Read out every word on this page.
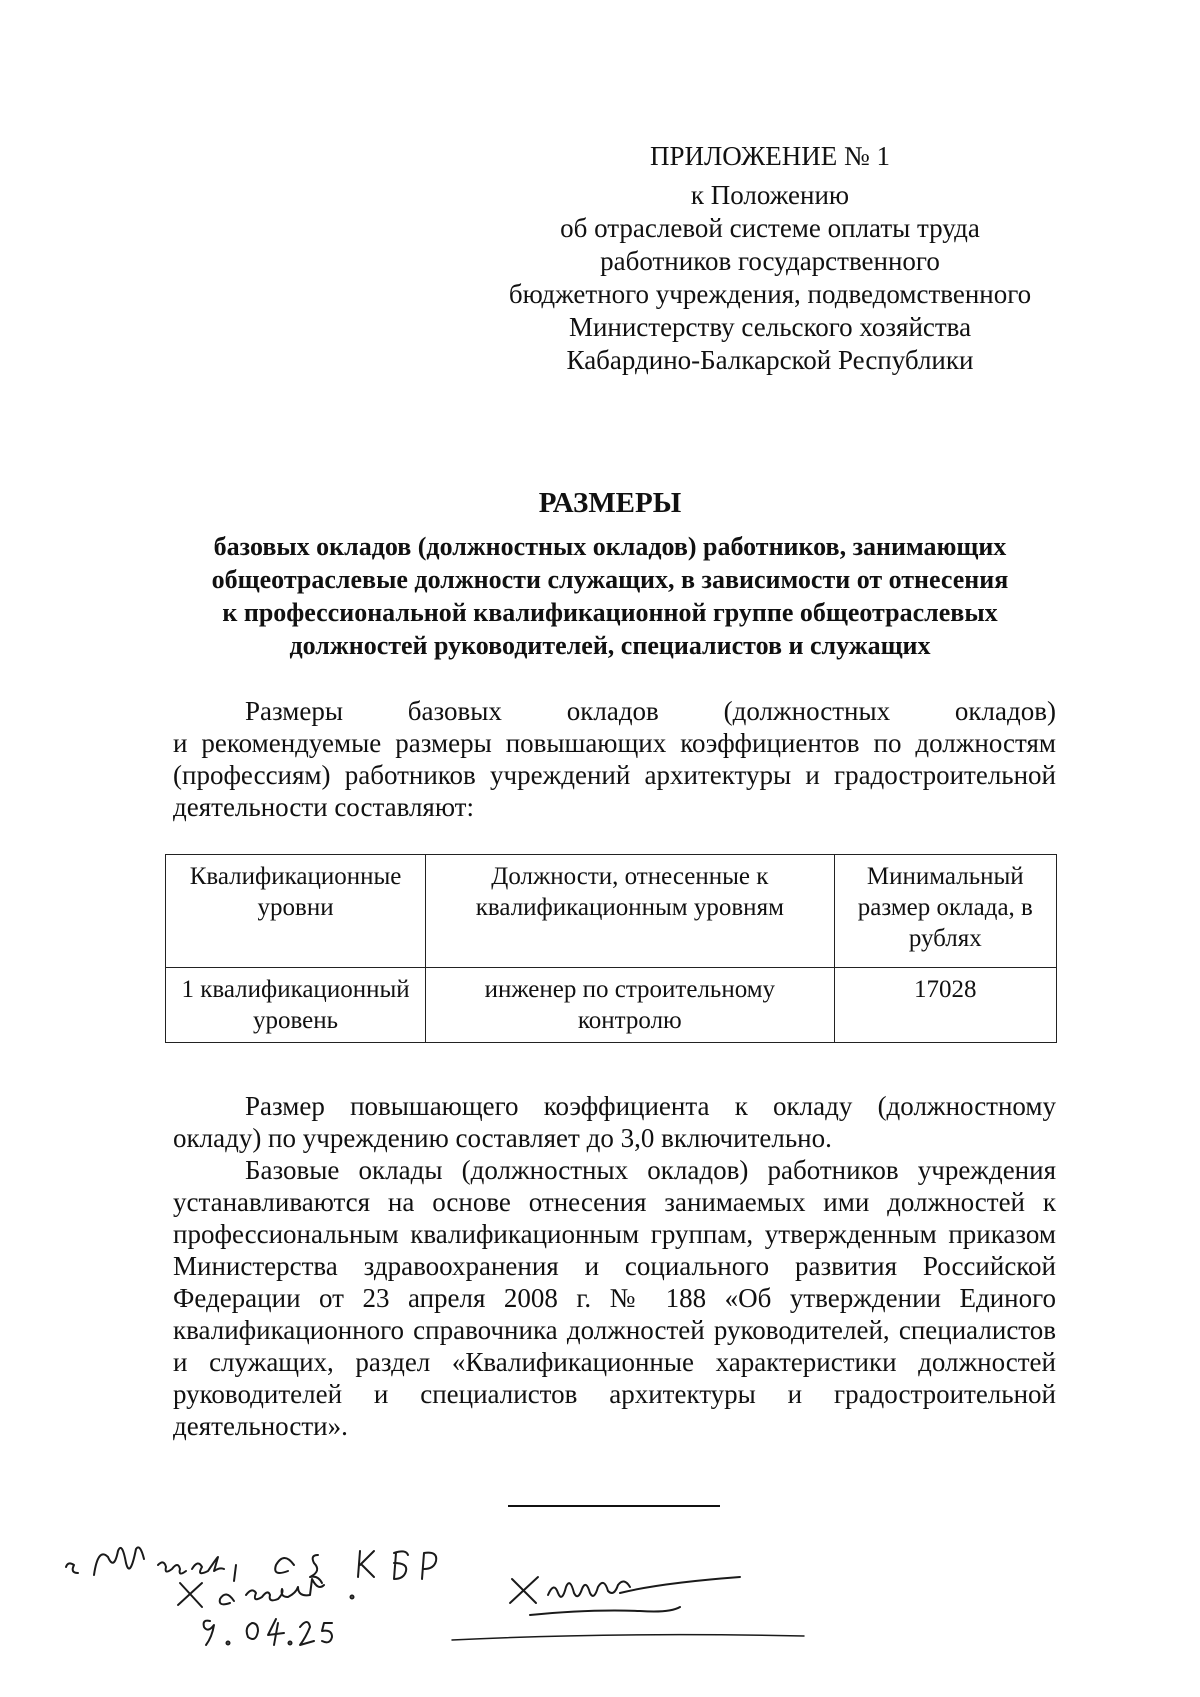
ПРИЛОЖЕНИЕ № 1
к Положению
об отраслевой системе оплаты труда
работников государственного
бюджетного учреждения, подведомственного
Министерству сельского хозяйства
Кабардино-Балкарской Республики
РАЗМЕРЫ
базовых окладов (должностных окладов) работников, занимающих
общеотраслевые должности служащих, в зависимости от отнесения
к профессиональной квалификационной группе общеотраслевых
должностей руководителей, специалистов и служащих
Размеры базовых окладов (должностных окладов)
и рекомендуемые размеры повышающих коэффициентов по должностям (профессиям) работников учреждений архитектуры и градостроительной деятельности составляют:
Квалификационные уровни	Должности, отнесенные к квалификационным уровням	Минимальный размер оклада, в рублях
1 квалификационный уровень	инженер по строительному контролю	17028
Размер повышающего коэффициента к окладу (должностному
окладу) по учреждению составляет до 3,0 включительно.
Базовые оклады (должностных окладов) работников учреждения
устанавливаются на основе отнесения занимаемых ими должностей к профессиональным квалификационным группам, утвержденным приказом Министерства здравоохранения и социального развития Российской Федерации от 23 апреля 2008 г. № 188 «Об утверждении Единого квалификационного справочника должностей руководителей, специалистов и служащих, раздел «Квалификационные характеристики должностей руководителей и специалистов архитектуры и градостроительной деятельности».
